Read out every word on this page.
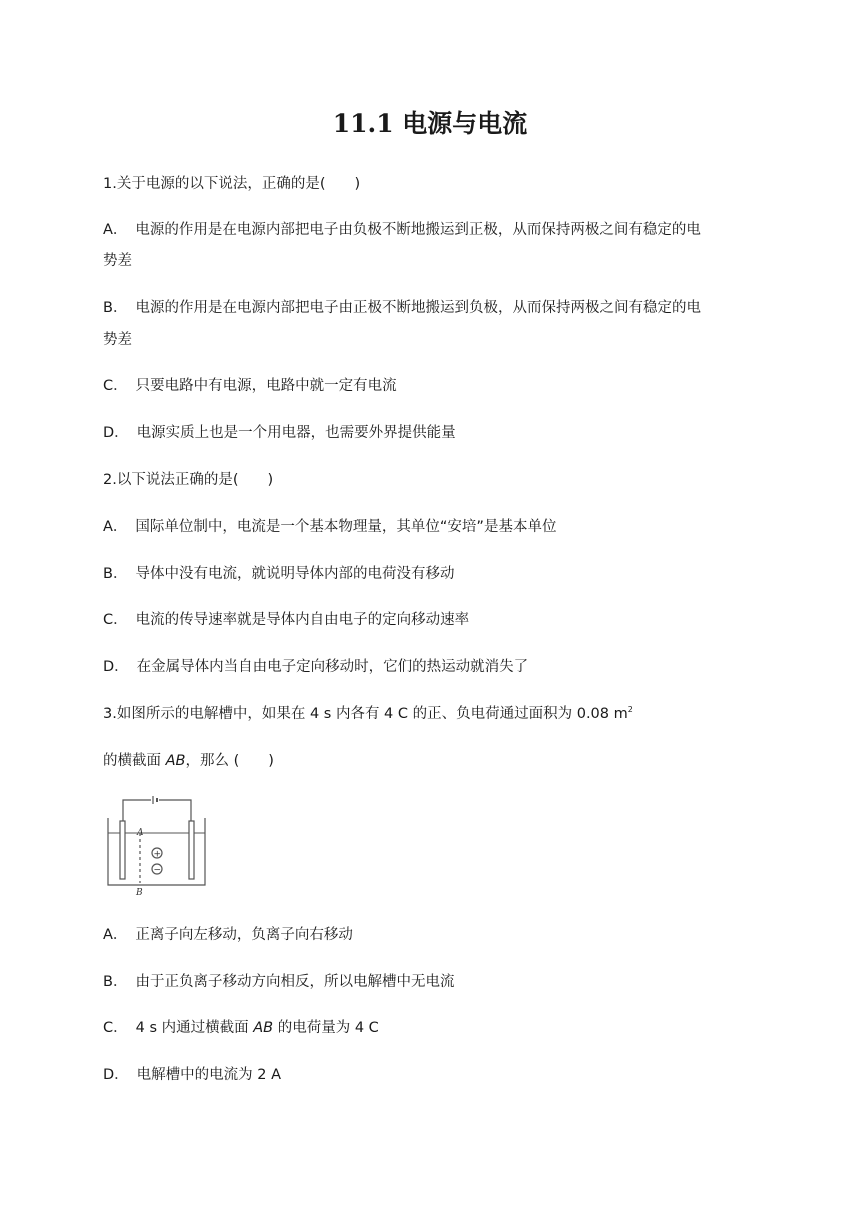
11.1 电源与电流
1.关于电源的以下说法，正确的是(　　)
A． 电源的作用是在电源内部把电子由负极不断地搬运到正极，从而保持两极之间有稳定的电
势差
B． 电源的作用是在电源内部把电子由正极不断地搬运到负极，从而保持两极之间有稳定的电
势差
C． 只要电路中有电源，电路中就一定有电流
D． 电源实质上也是一个用电器，也需要外界提供能量
2.以下说法正确的是(　　)
A． 国际单位制中，电流是一个基本物理量，其单位“安培”是基本单位
B． 导体中没有电流，就说明导体内部的电荷没有移动
C． 电流的传导速率就是导体内自由电子的定向移动速率
D． 在金属导体内当自由电子定向移动时，它们的热运动就消失了
3.如图所示的电解槽中，如果在 4 s 内各有 4 C 的正、负电荷通过面积为 0.08 $m^2$
的横截面 AB，那么 (　　)
A
B
+
−
A． 正离子向左移动，负离子向右移动
B． 由于正负离子移动方向相反，所以电解槽中无电流
C． 4 s 内通过横截面 AB 的电荷量为 4 C
D． 电解槽中的电流为 2 A
